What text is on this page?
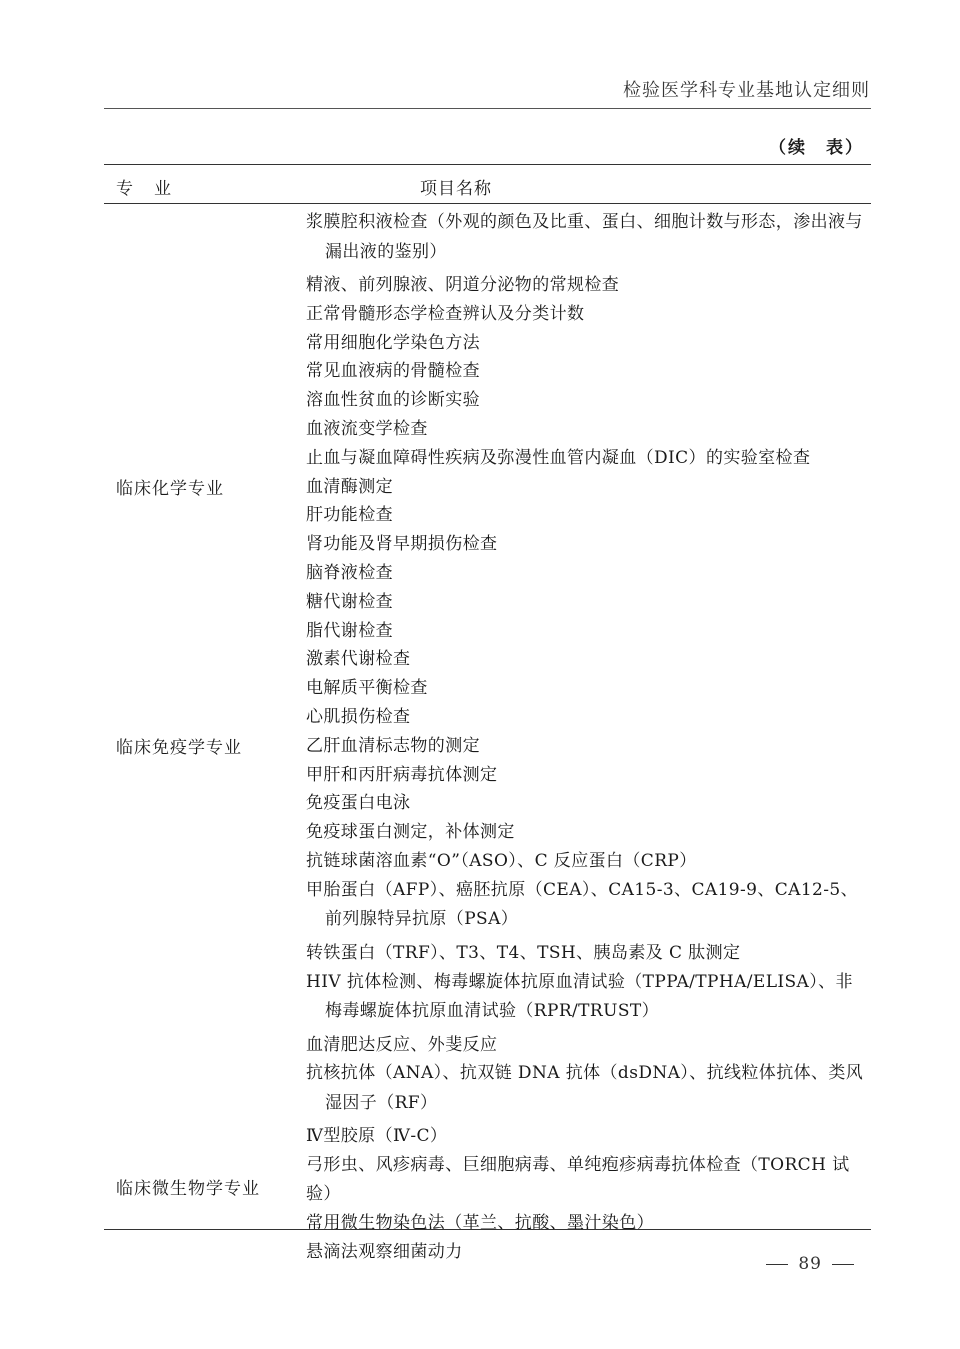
检验医学科专业基地认定细则
（续　表）
专　业	项目名称
临床化学专业
临床免疫学专业
临床微生物学专业
浆膜腔积液检查（外观的颜色及比重、蛋白、细胞计数与形态，渗出液与漏出液的鉴别）
精液、前列腺液、阴道分泌物的常规检查
正常骨髓形态学检查辨认及分类计数
常用细胞化学染色方法
常见血液病的骨髓检查
溶血性贫血的诊断实验
血液流变学检查
止血与凝血障碍性疾病及弥漫性血管内凝血（DIC）的实验室检查
血清酶测定
肝功能检查
肾功能及肾早期损伤检查
脑脊液检查
糖代谢检查
脂代谢检查
激素代谢检查
电解质平衡检查
心肌损伤检查
乙肝血清标志物的测定
甲肝和丙肝病毒抗体测定
免疫蛋白电泳
免疫球蛋白测定，补体测定
抗链球菌溶血素“O”（ASO）、C 反应蛋白（CRP）
甲胎蛋白（AFP）、癌胚抗原（CEA）、CA15-3、CA19-9、CA12-5、前列腺特异抗原（PSA）
转铁蛋白（TRF）、T3、T4、TSH、胰岛素及 C 肽测定
HIV 抗体检测、梅毒螺旋体抗原血清试验（TPPA/TPHA/ELISA）、非梅毒螺旋体抗原血清试验（RPR/TRUST）
血清肥达反应、外斐反应
抗核抗体（ANA）、抗双链 DNA 抗体（dsDNA）、抗线粒体抗体、类风湿因子（RF）
Ⅳ型胶原（Ⅳ-C）
弓形虫、风疹病毒、巨细胞病毒、单纯疱疹病毒抗体检查（TORCH 试验）
常用微生物染色法（革兰、抗酸、墨汁染色）
悬滴法观察细菌动力
89
